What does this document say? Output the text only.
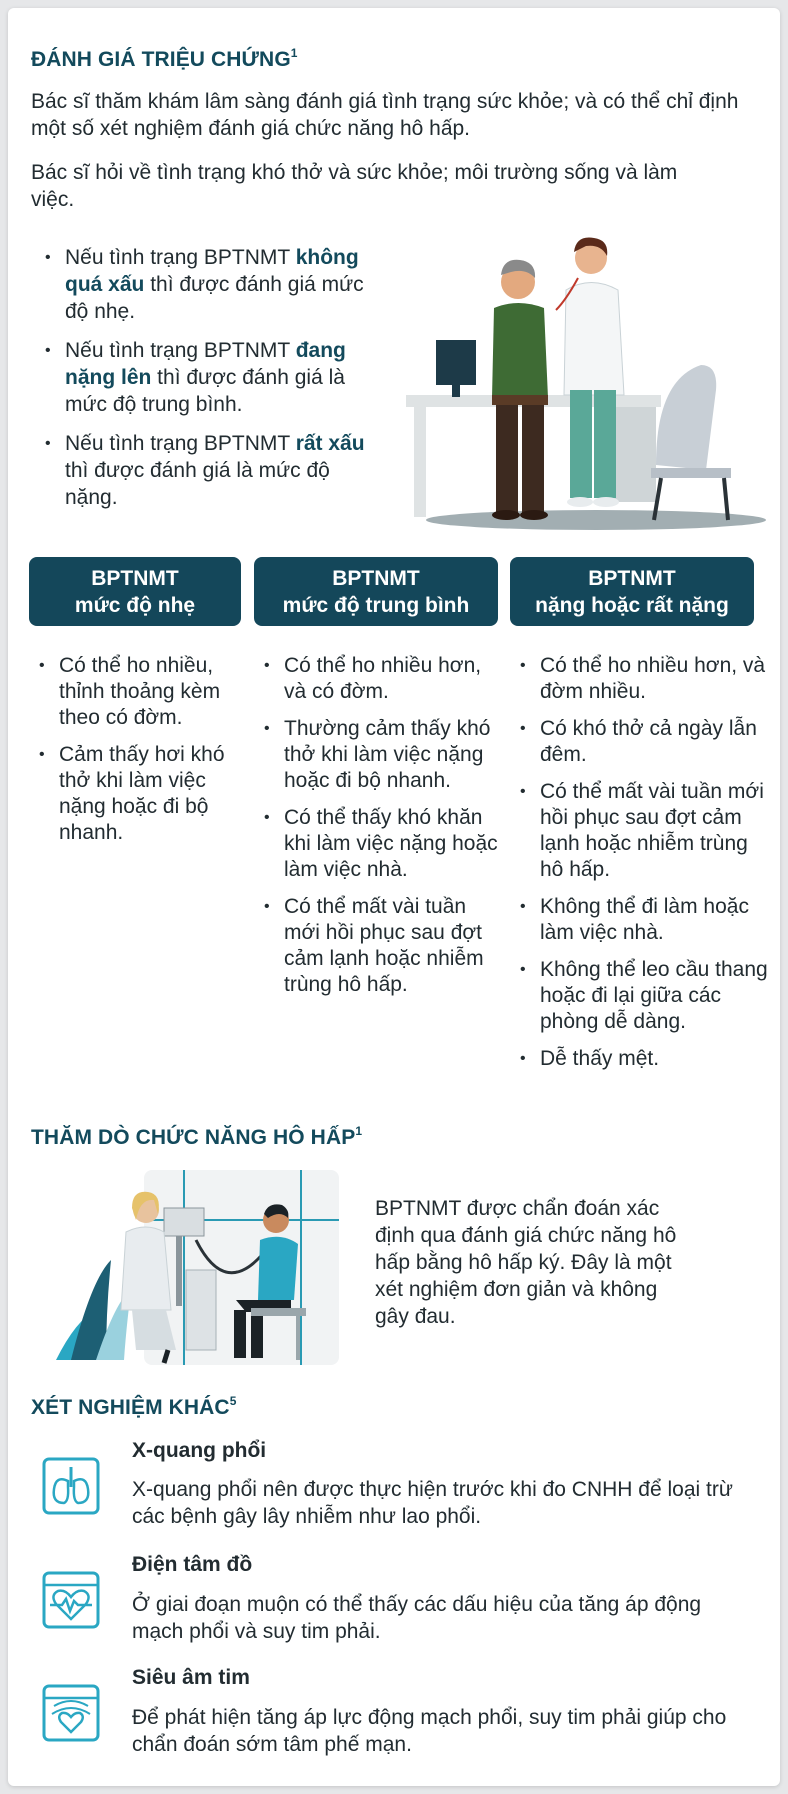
ĐÁNH GIÁ TRIỆU CHỨNG$^1$
Bác sĩ thăm khám lâm sàng đánh giá tình trạng sức khỏe; và có thể chỉ định một số xét nghiệm đánh giá chức năng hô hấp.
Bác sĩ hỏi về tình trạng khó thở và sức khỏe; môi trường sống và làm việc.
• Nếu tình trạng BPTNMT không quá xấu thì được đánh giá mức độ nhẹ.
• Nếu tình trạng BPTNMT đang nặng lên thì được đánh giá là mức độ trung bình.
• Nếu tình trạng BPTNMT rất xấu thì được đánh giá là mức độ nặng.
BPTNMT
mức độ nhẹ
BPTNMT
mức độ trung bình
BPTNMT
nặng hoặc rất nặng
• Có thể ho nhiều, thỉnh thoảng kèm theo có đờm.
• Cảm thấy hơi khó thở khi làm việc nặng hoặc đi bộ nhanh.
• Có thể ho nhiều hơn, và có đờm.
• Thường cảm thấy khó thở khi làm việc nặng hoặc đi bộ nhanh.
• Có thể thấy khó khăn khi làm việc nặng hoặc làm việc nhà.
• Có thể mất vài tuần mới hồi phục sau đợt cảm lạnh hoặc nhiễm trùng hô hấp.
• Có thể ho nhiều hơn, và đờm nhiều.
• Có khó thở cả ngày lẫn đêm.
• Có thể mất vài tuần mới hồi phục sau đợt cảm lạnh hoặc nhiễm trùng hô hấp.
• Không thể đi làm hoặc làm việc nhà.
• Không thể leo cầu thang hoặc đi lại giữa các phòng dễ dàng.
• Dễ thấy mệt.
THĂM DÒ CHỨC NĂNG HÔ HẤP$^1$
BPTNMT được chẩn đoán xác định qua đánh giá chức năng hô hấp bằng hô hấp ký. Đây là một xét nghiệm đơn giản và không gây đau.
XÉT NGHIỆM KHÁC$^5$
X-quang phổi
X-quang phổi nên được thực hiện trước khi đo CNHH để loại trừ các bệnh gây lây nhiễm như lao phổi.
Điện tâm đồ
Ở giai đoạn muộn có thể thấy các dấu hiệu của tăng áp động mạch phổi và suy tim phải.
Siêu âm tim
Để phát hiện tăng áp lực động mạch phổi, suy tim phải giúp cho chẩn đoán sớm tâm phế mạn.
